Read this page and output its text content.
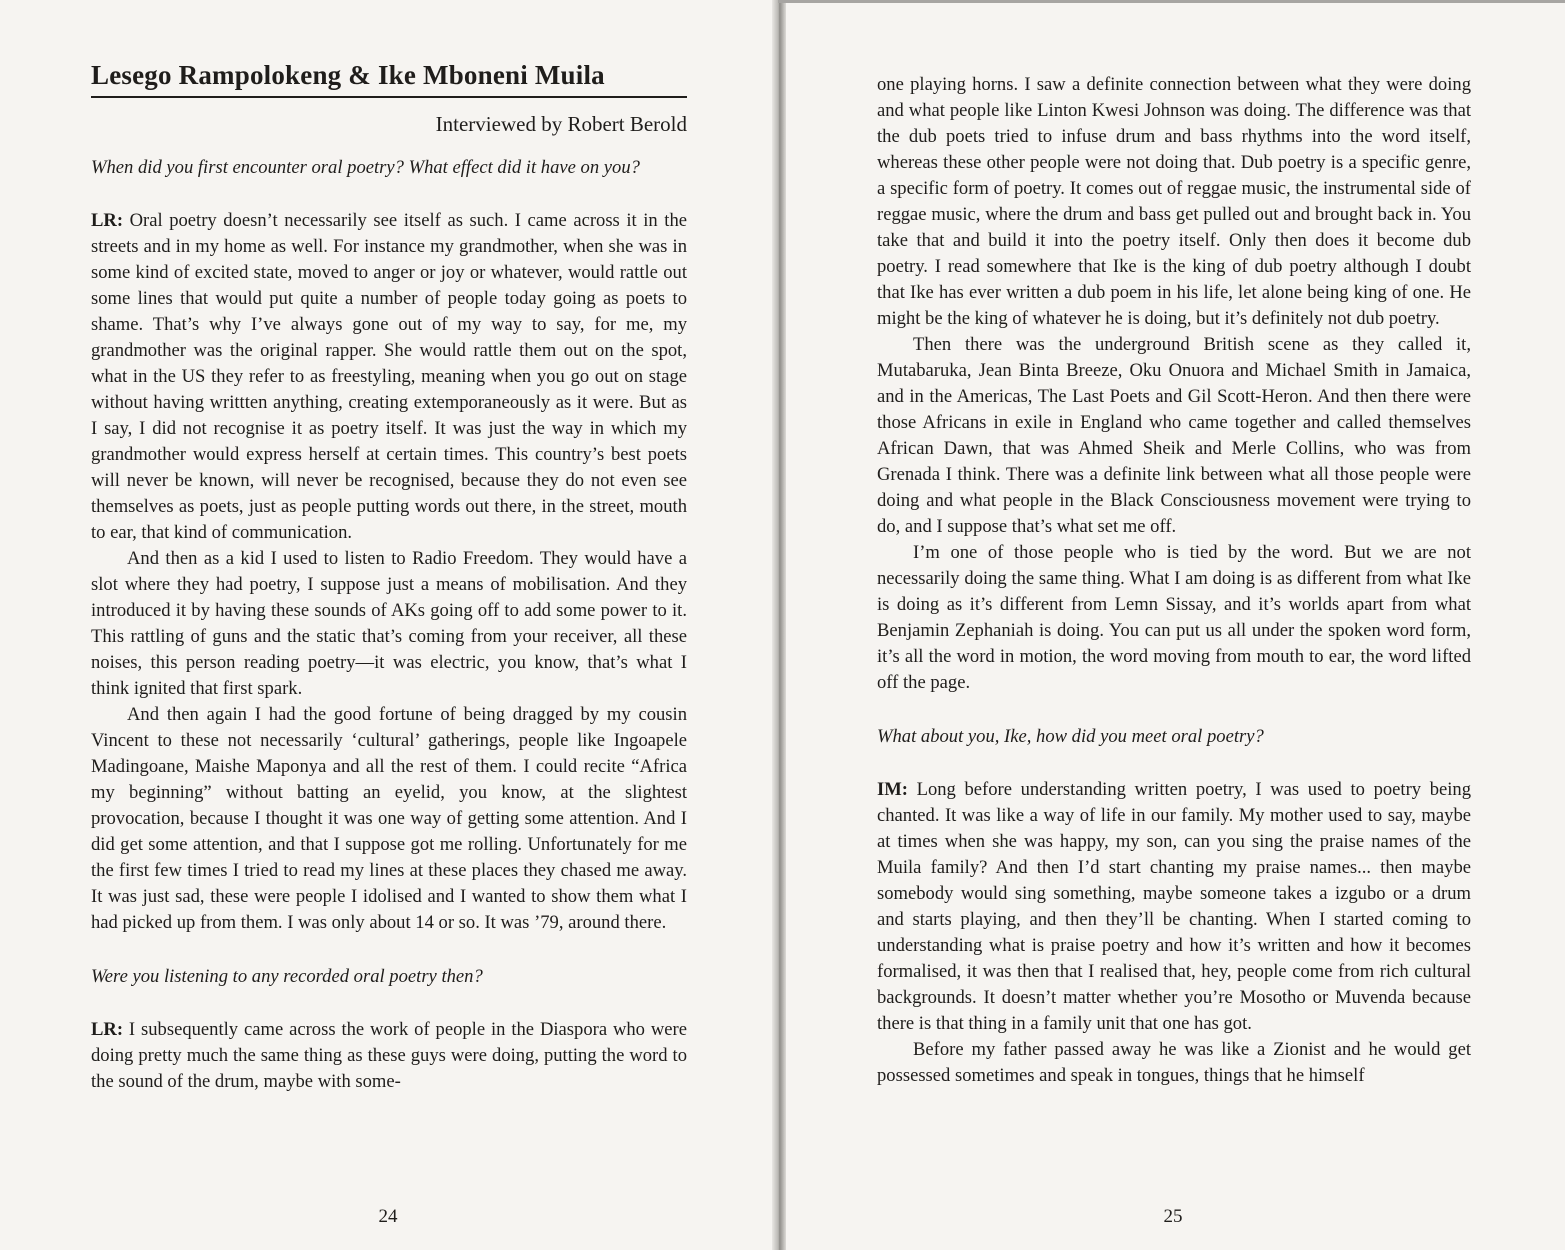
Lesego Rampolokeng & Ike Mboneni Muila
Interviewed by Robert Berold

When did you first encounter oral poetry? What effect did it have on you?

LR: Oral poetry doesn’t necessarily see itself as such. I came across it in the streets and in my home as well. For instance my grandmother, when she was in some kind of excited state, moved to anger or joy or whatever, would rattle out some lines that would put quite a number of people today going as poets to shame. That’s why I’ve always gone out of my way to say, for me, my grandmother was the original rapper. She would rattle them out on the spot, what in the US they refer to as freestyling, meaning when you go out on stage without having writtten anything, creating extemporaneously as it were. But as I say, I did not recognise it as poetry itself. It was just the way in which my grandmother would express herself at certain times. This country’s best poets will never be known, will never be recognised, because they do not even see themselves as poets, just as people putting words out there, in the street, mouth to ear, that kind of communication.

And then as a kid I used to listen to Radio Freedom. They would have a slot where they had poetry, I suppose just a means of mobilisation. And they introduced it by having these sounds of AKs going off to add some power to it. This rattling of guns and the static that’s coming from your receiver, all these noises, this person reading poetry—it was electric, you know, that’s what I think ignited that first spark.

And then again I had the good fortune of being dragged by my cousin Vincent to these not necessarily ‘cultural’ gatherings, people like Ingoapele Madingoane, Maishe Maponya and all the rest of them. I could recite “Africa my beginning” without batting an eyelid, you know, at the slightest provocation, because I thought it was one way of getting some attention. And I did get some attention, and that I suppose got me rolling. Unfortunately for me the first few times I tried to read my lines at these places they chased me away. It was just sad, these were people I idolised and I wanted to show them what I had picked up from them. I was only about 14 or so. It was ’79, around there.

Were you listening to any recorded oral poetry then?

LR: I subsequently came across the work of people in the Diaspora who were doing pretty much the same thing as these guys were doing, putting the word to the sound of the drum, maybe with some-

one playing horns. I saw a definite connection between what they were doing and what people like Linton Kwesi Johnson was doing. The difference was that the dub poets tried to infuse drum and bass rhythms into the word itself, whereas these other people were not doing that. Dub poetry is a specific genre, a specific form of poetry. It comes out of reggae music, the instrumental side of reggae music, where the drum and bass get pulled out and brought back in. You take that and build it into the poetry itself. Only then does it become dub poetry. I read somewhere that Ike is the king of dub poetry although I doubt that Ike has ever written a dub poem in his life, let alone being king of one. He might be the king of whatever he is doing, but it’s definitely not dub poetry.

Then there was the underground British scene as they called it, Mutabaruka, Jean Binta Breeze, Oku Onuora and Michael Smith in Jamaica, and in the Americas, The Last Poets and Gil Scott-Heron. And then there were those Africans in exile in England who came together and called themselves African Dawn, that was Ahmed Sheik and Merle Collins, who was from Grenada I think. There was a definite link between what all those people were doing and what people in the Black Consciousness movement were trying to do, and I suppose that’s what set me off.

I’m one of those people who is tied by the word. But we are not necessarily doing the same thing. What I am doing is as different from what Ike is doing as it’s different from Lemn Sissay, and it’s worlds apart from what Benjamin Zephaniah is doing. You can put us all under the spoken word form, it’s all the word in motion, the word moving from mouth to ear, the word lifted off the page.

What about you, Ike, how did you meet oral poetry?

IM: Long before understanding written poetry, I was used to poetry being chanted. It was like a way of life in our family. My mother used to say, maybe at times when she was happy, my son, can you sing the praise names of the Muila family? And then I’d start chanting my praise names... then maybe somebody would sing something, maybe someone takes a izgubo or a drum and starts playing, and then they’ll be chanting. When I started coming to understanding what is praise poetry and how it’s written and how it becomes formalised, it was then that I realised that, hey, people come from rich cultural backgrounds. It doesn’t matter whether you’re Mosotho or Muvenda because there is that thing in a family unit that one has got.

Before my father passed away he was like a Zionist and he would get possessed sometimes and speak in tongues, things that he himself

24	25
